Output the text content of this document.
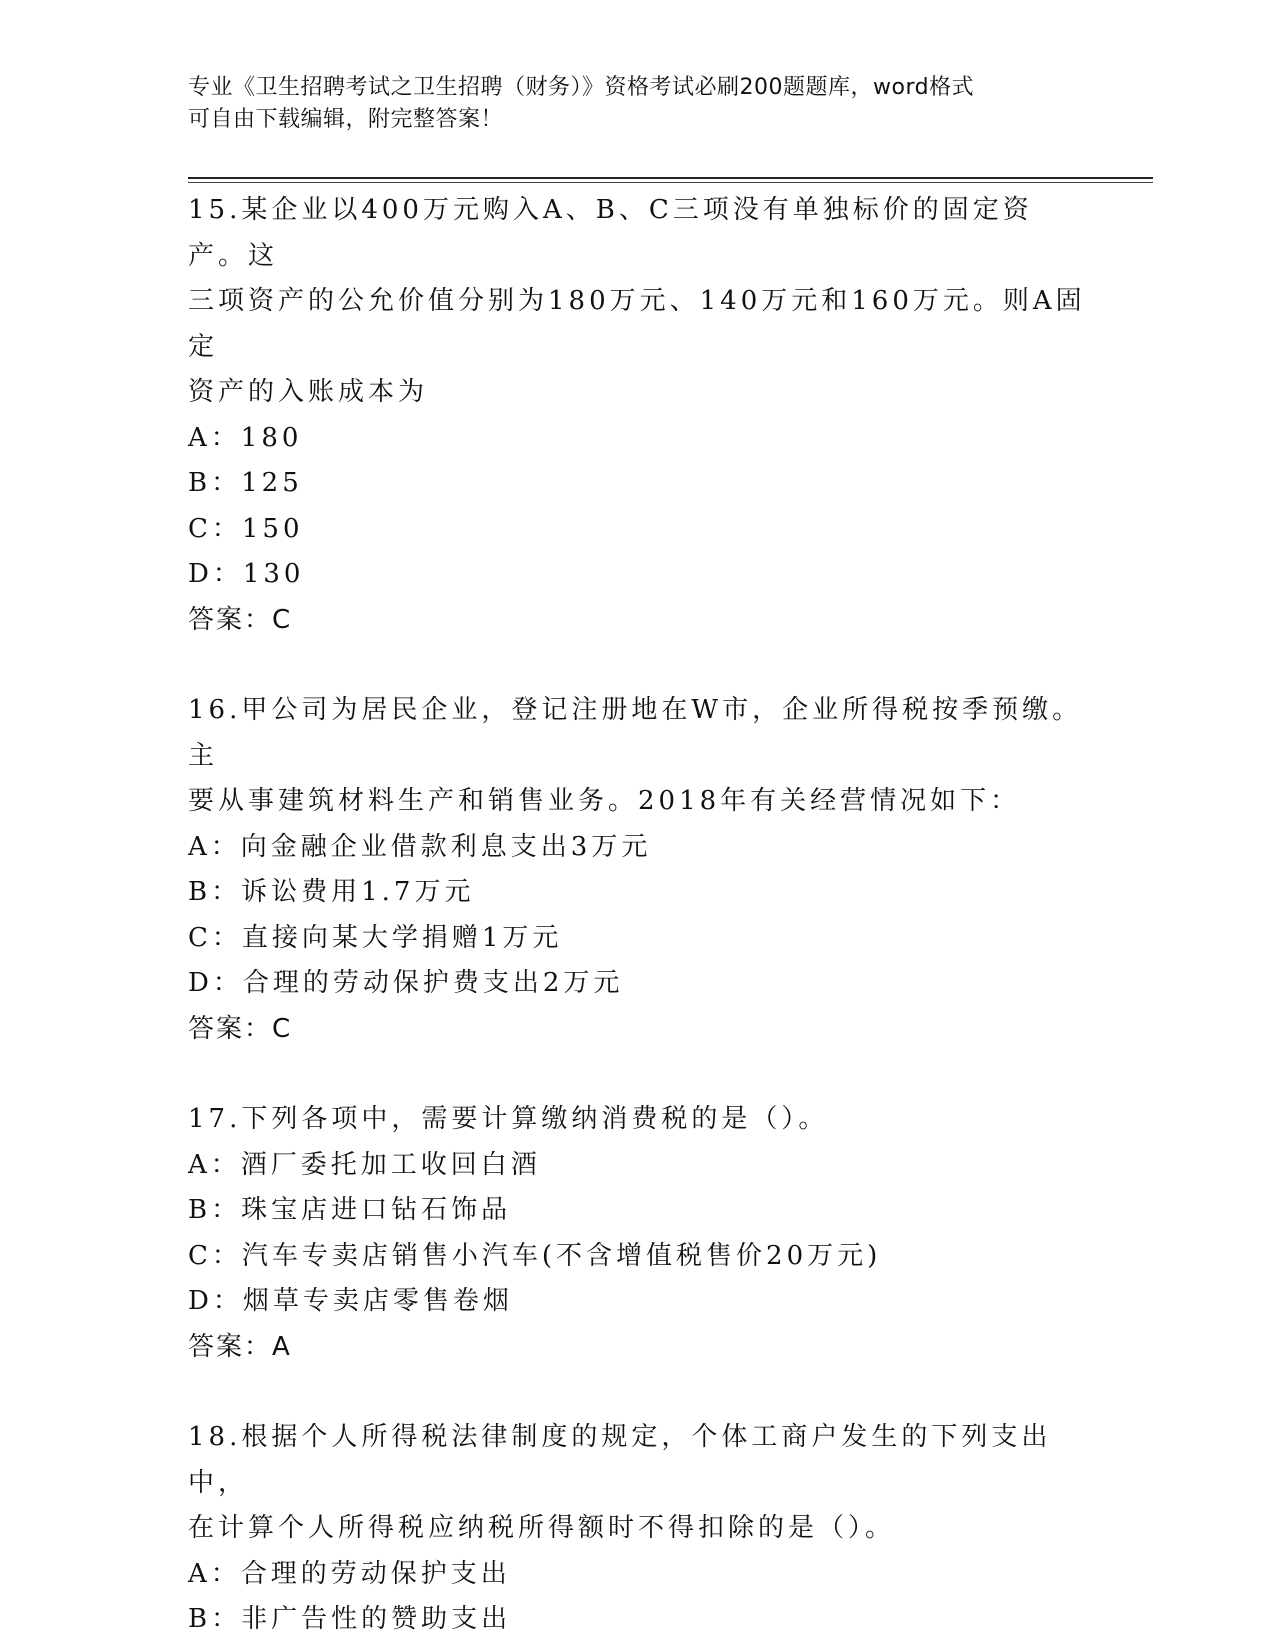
专业《卫生招聘考试之卫生招聘（财务）》资格考试必刷200题题库，word格式
可自由下载编辑，附完整答案！
15.某企业以400万元购入A、B、C三项没有单独标价的固定资产。这
三项资产的公允价值分别为180万元、140万元和160万元。则A固定
资产的入账成本为
A：180
B：125
C：150
D：130
答案：C
16.甲公司为居民企业，登记注册地在W市，企业所得税按季预缴。主
要从事建筑材料生产和销售业务。2018年有关经营情况如下：
A：向金融企业借款利息支出3万元
B：诉讼费用1.7万元
C：直接向某大学捐赠1万元
D：合理的劳动保护费支出2万元
答案：C
17.下列各项中，需要计算缴纳消费税的是（）。
A：酒厂委托加工收回白酒
B：珠宝店进口钻石饰品
C：汽车专卖店销售小汽车(不含增值税售价20万元)
D：烟草专卖店零售卷烟
答案：A
18.根据个人所得税法律制度的规定，个体工商户发生的下列支出中，
在计算个人所得税应纳税所得额时不得扣除的是（）。
A：合理的劳动保护支出
B：非广告性的赞助支出
